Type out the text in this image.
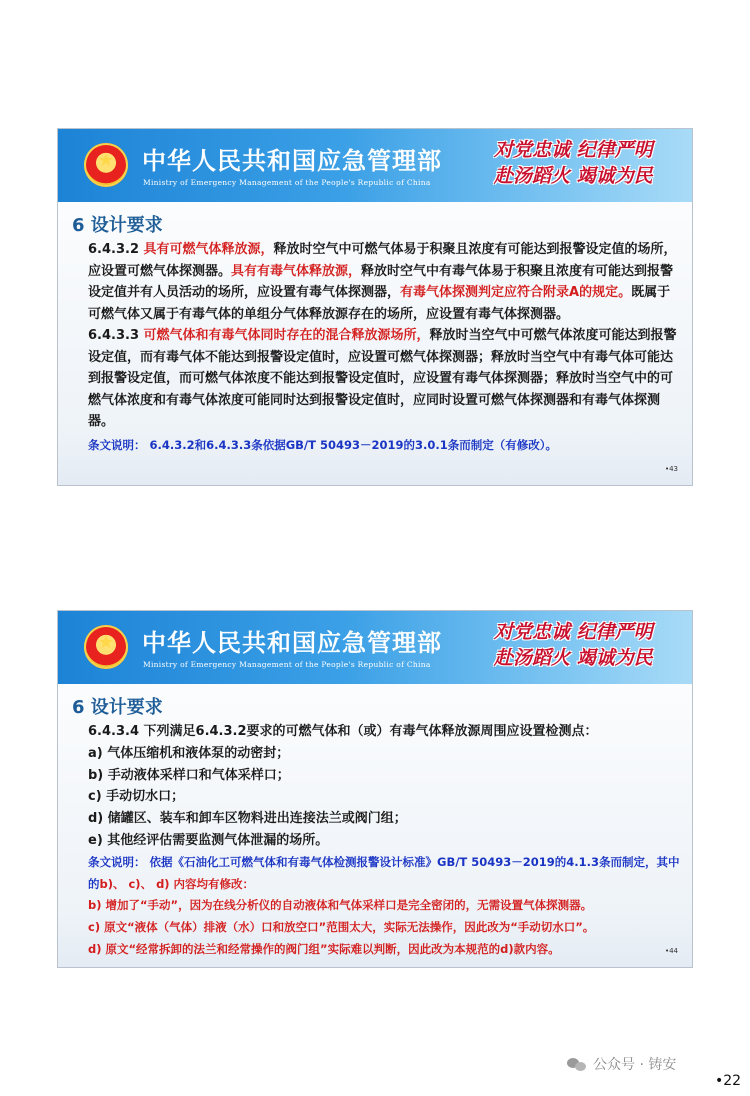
★	中华人民共和国应急管理部
Ministry of Emergency Management of the People's Republic of China
对党忠诚 纪律严明
赴汤蹈火 竭诚为民
6 设计要求
6.4.3.2 具有可燃气体释放源，释放时空气中可燃气体易于积聚且浓度有可能达到报警设定值的场所，应设置可燃气体探测器。具有有毒气体释放源，释放时空气中有毒气体易于积聚且浓度有可能达到报警设定值并有人员活动的场所，应设置有毒气体探测器，有毒气体探测判定应符合附录A的规定。既属于可燃气体又属于有毒气体的单组分气体释放源存在的场所，应设置有毒气体探测器。
6.4.3.3 可燃气体和有毒气体同时存在的混合释放源场所，释放时当空气中可燃气体浓度可能达到报警设定值，而有毒气体不能达到报警设定值时，应设置可燃气体探测器；释放时当空气中有毒气体可能达到报警设定值，而可燃气体浓度不能达到报警设定值时，应设置有毒气体探测器；释放时当空气中的可燃气体浓度和有毒气体浓度可能同时达到报警设定值时，应同时设置可燃气体探测器和有毒气体探测器。
条文说明： 6.4.3.2和6.4.3.3条依据GB/T 50493－2019的3.0.1条而制定（有修改）。
•43
★	中华人民共和国应急管理部
Ministry of Emergency Management of the People's Republic of China
对党忠诚 纪律严明
赴汤蹈火 竭诚为民
6 设计要求
6.4.3.4 下列满足6.4.3.2要求的可燃气体和（或）有毒气体释放源周围应设置检测点：
a) 气体压缩机和液体泵的动密封；
b) 手动液体采样口和气体采样口；
c) 手动切水口；
d) 储罐区、装车和卸车区物料进出连接法兰或阀门组；
e) 其他经评估需要监测气体泄漏的场所。
条文说明： 依据《石油化工可燃气体和有毒气体检测报警设计标准》GB/T 50493－2019的4.1.3条而制定，其中的b)、 c)、 d) 内容均有修改：
b) 增加了“手动”，因为在线分析仪的自动液体和气体采样口是完全密闭的，无需设置气体探测器。
c) 原文“液体（气体）排液（水）口和放空口”范围太大，实际无法操作，因此改为“手动切水口”。
d) 原文“经常拆卸的法兰和经常操作的阀门组”实际难以判断，因此改为本规范的d)款内容。	•44
公众号 · 铸安
•22
